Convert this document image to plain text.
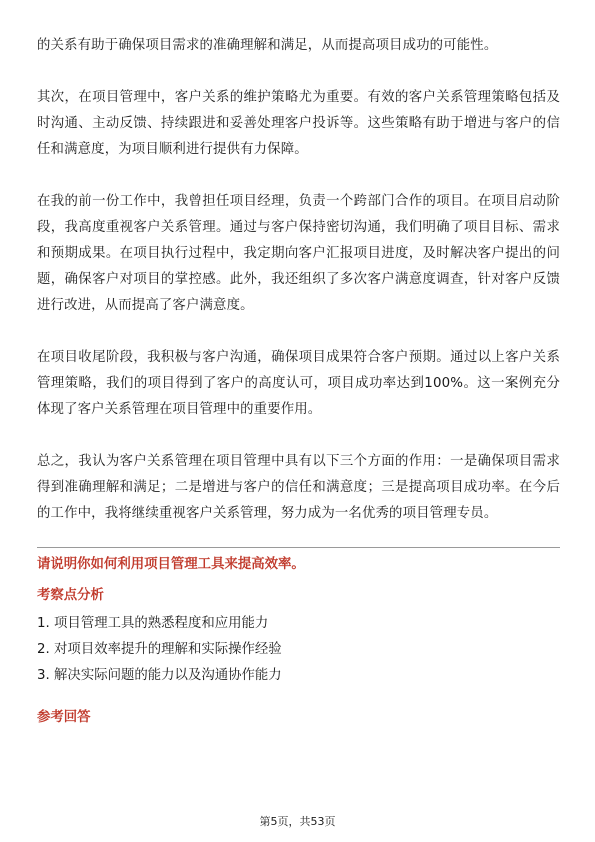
的关系有助于确保项目需求的准确理解和满足，从而提高项目成功的可能性。

其次，在项目管理中，客户关系的维护策略尤为重要。有效的客户关系管理策略包括及时沟通、主动反馈、持续跟进和妥善处理客户投诉等。这些策略有助于增进与客户的信任和满意度，为项目顺利进行提供有力保障。

在我的前一份工作中，我曾担任项目经理，负责一个跨部门合作的项目。在项目启动阶段，我高度重视客户关系管理。通过与客户保持密切沟通，我们明确了项目目标、需求和预期成果。在项目执行过程中，我定期向客户汇报项目进度，及时解决客户提出的问题，确保客户对项目的掌控感。此外，我还组织了多次客户满意度调查，针对客户反馈进行改进，从而提高了客户满意度。

在项目收尾阶段，我积极与客户沟通，确保项目成果符合客户预期。通过以上客户关系管理策略，我们的项目得到了客户的高度认可，项目成功率达到100%。这一案例充分体现了客户关系管理在项目管理中的重要作用。

总之，我认为客户关系管理在项目管理中具有以下三个方面的作用：一是确保项目需求得到准确理解和满足；二是增进与客户的信任和满意度；三是提高项目成功率。在今后的工作中，我将继续重视客户关系管理，努力成为一名优秀的项目管理专员。

请说明你如何利用项目管理工具来提高效率。
考察点分析

1. 项目管理工具的熟悉程度和应用能力

2. 对项目效率提升的理解和实际操作经验

3. 解决实际问题的能力以及沟通协作能力

参考回答
第5页，共53页
